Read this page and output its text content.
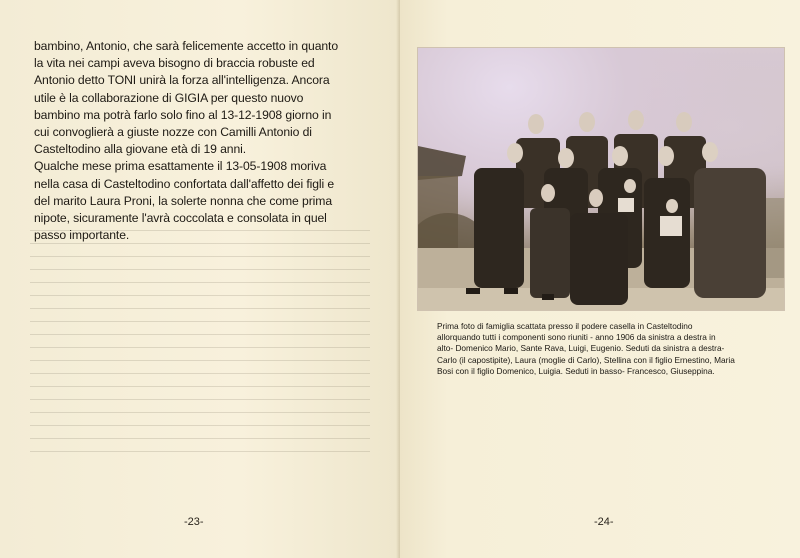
bambino, Antonio, che sarà felicemente accetto in quanto

la vita nei campi aveva bisogno di braccia robuste ed

Antonio detto TONI unirà la forza all'intelligenza. Ancora

utile è la collaborazione di GIGIA per questo nuovo

bambino ma potrà farlo solo fino al 13-12-1908 giorno in

cui convoglierà a giuste nozze con Camilli Antonio di

Casteltodino alla giovane età di 19 anni.

Qualche mese prima esattamente il 13-05-1908 moriva

nella casa di Casteltodino confortata dall'affetto dei figli e

del marito Laura Proni, la solerte nonna che come prima

nipote, sicuramente l'avrà coccolata e consolata in quel

passo importante.

-23-
Prima foto di famiglia scattata presso il podere casella in Casteltodino
allorquando tutti i componenti sono riuniti - anno 1906 da sinistra a destra in
alto- Domenico Mario, Sante Rava, Luigi, Eugenio. Seduti da sinistra a destra-
Carlo (il capostipite), Laura (moglie di Carlo), Stellina con il figlio Ernestino, Maria
Bosi con il figlio Domenico, Luigia. Seduti in basso- Francesco, Giuseppina.
-24-
